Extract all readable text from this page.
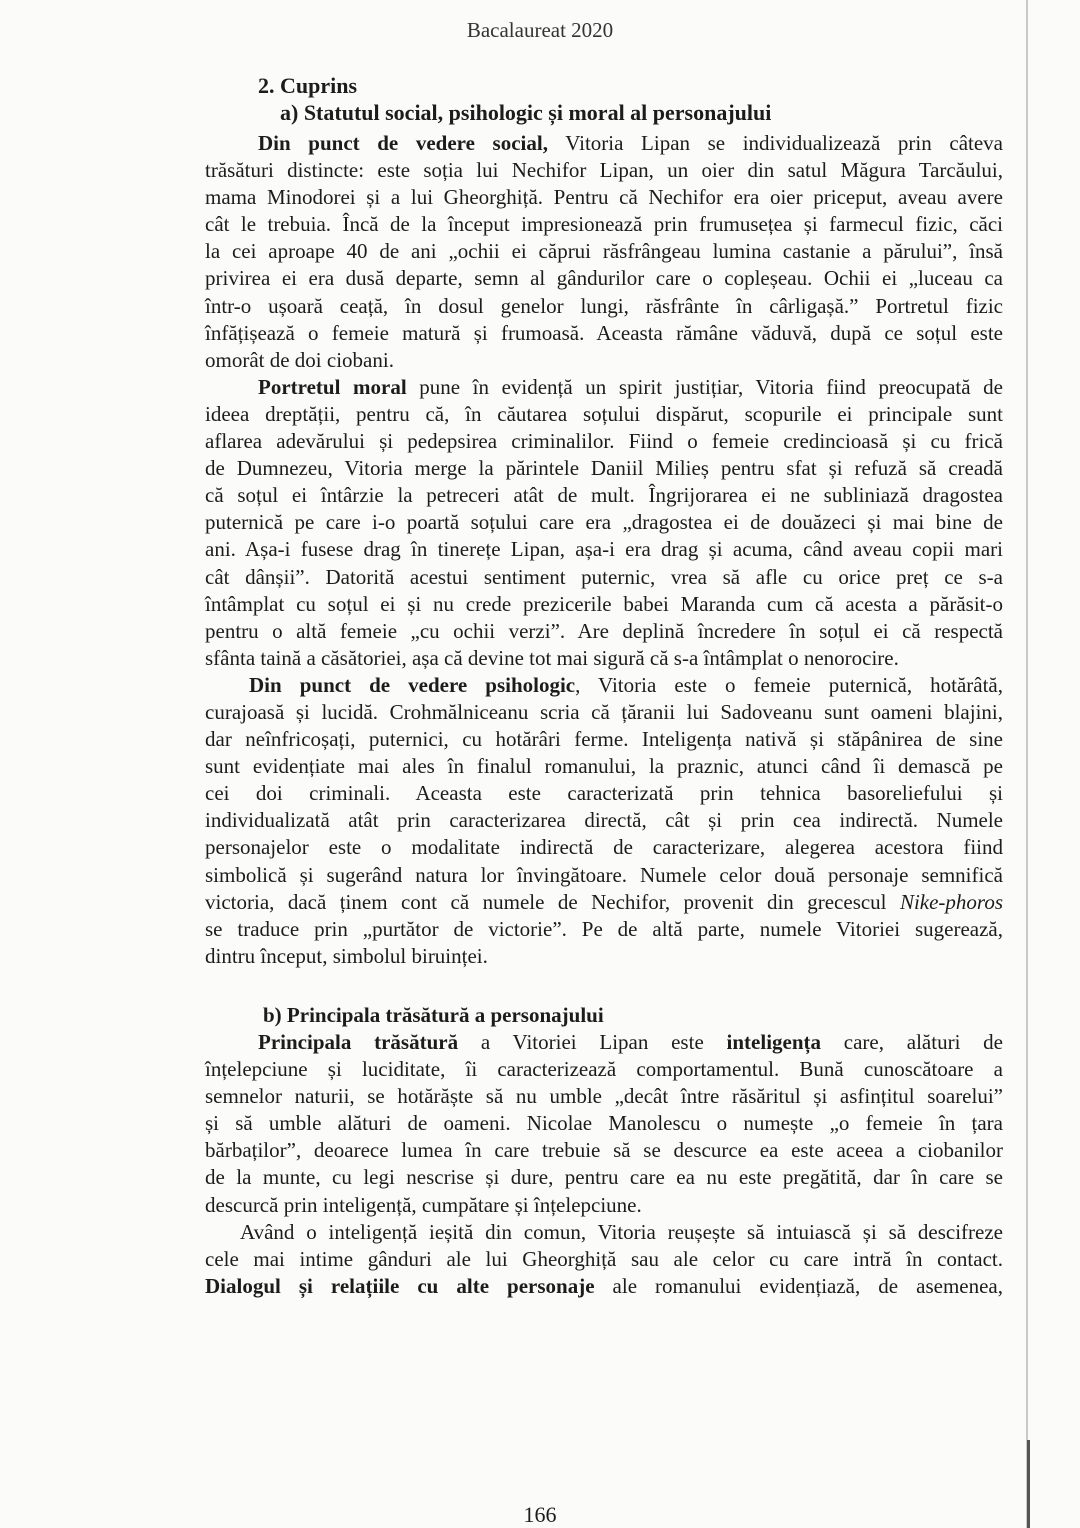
Bacalaureat 2020
2. Cuprins
a) Statutul social, psihologic și moral al personajului
Din punct de vedere social, Vitoria Lipan se individualizează prin câteva
trăsături distincte: este soția lui Nechifor Lipan, un oier din satul Măgura Tarcăului,
mama Minodorei și a lui Gheorghiță. Pentru că Nechifor era oier priceput, aveau avere
cât le trebuia. Încă de la început impresionează prin frumusețea și farmecul fizic, căci
la cei aproape 40 de ani „ochii ei căprui răsfrângeau lumina castanie a părului”, însă
privirea ei era dusă departe, semn al gândurilor care o copleșeau. Ochii ei „luceau ca
într-o ușoară ceață, în dosul genelor lungi, răsfrânte în cârligașă.” Portretul fizic
înfățișează o femeie matură și frumoasă. Aceasta rămâne văduvă, după ce soțul este
omorât de doi ciobani.
Portretul moral pune în evidență un spirit justițiar, Vitoria fiind preocupată de
ideea dreptății, pentru că, în căutarea soțului dispărut, scopurile ei principale sunt
aflarea adevărului și pedepsirea criminalilor. Fiind o femeie credincioasă și cu frică
de Dumnezeu, Vitoria merge la părintele Daniil Milieș pentru sfat și refuză să creadă
că soțul ei întârzie la petreceri atât de mult. Îngrijorarea ei ne subliniază dragostea
puternică pe care i-o poartă soțului care era „dragostea ei de douăzeci și mai bine de
ani. Așa-i fusese drag în tinerețe Lipan, așa-i era drag și acuma, când aveau copii mari
cât dânșii”. Datorită acestui sentiment puternic, vrea să afle cu orice preț ce s-a
întâmplat cu soțul ei și nu crede prezicerile babei Maranda cum că acesta a părăsit-o
pentru o altă femeie „cu ochii verzi”. Are deplină încredere în soțul ei că respectă
sfânta taină a căsătoriei, așa că devine tot mai sigură că s-a întâmplat o nenorocire.
Din punct de vedere psihologic, Vitoria este o femeie puternică, hotărâtă,
curajoasă și lucidă. Crohmălniceanu scria că țăranii lui Sadoveanu sunt oameni blajini,
dar neînfricoșați, puternici, cu hotărâri ferme. Inteligența nativă și stăpânirea de sine
sunt evidențiate mai ales în finalul romanului, la praznic, atunci când îi demască pe
cei doi criminali. Aceasta este caracterizată prin tehnica basoreliefului și
individualizată atât prin caracterizarea directă, cât și prin cea indirectă. Numele
personajelor este o modalitate indirectă de caracterizare, alegerea acestora fiind
simbolică și sugerând natura lor învingătoare. Numele celor două personaje semnifică
victoria, dacă ținem cont că numele de Nechifor, provenit din grecescul Nike-phoros
se traduce prin „purtător de victorie”. Pe de altă parte, numele Vitoriei sugerează,
dintru început, simbolul biruinței.
b) Principala trăsătură a personajului
Principala trăsătură a Vitoriei Lipan este inteligența care, alături de
înțelepciune și luciditate, îi caracterizează comportamentul. Bună cunoscătoare a
semnelor naturii, se hotărăște să nu umble „decât între răsăritul și asfințitul soarelui”
și să umble alături de oameni. Nicolae Manolescu o numește „o femeie în țara
bărbaților”, deoarece lumea în care trebuie să se descurce ea este aceea a ciobanilor
de la munte, cu legi nescrise și dure, pentru care ea nu este pregătită, dar în care se
descurcă prin inteligență, cumpătare și înțelepciune.
Având o inteligență ieșită din comun, Vitoria reușește să intuiască și să descifreze
cele mai intime gânduri ale lui Gheorghiță sau ale celor cu care intră în contact.
Dialogul și relațiile cu alte personaje ale romanului evidențiază, de asemenea,
166
